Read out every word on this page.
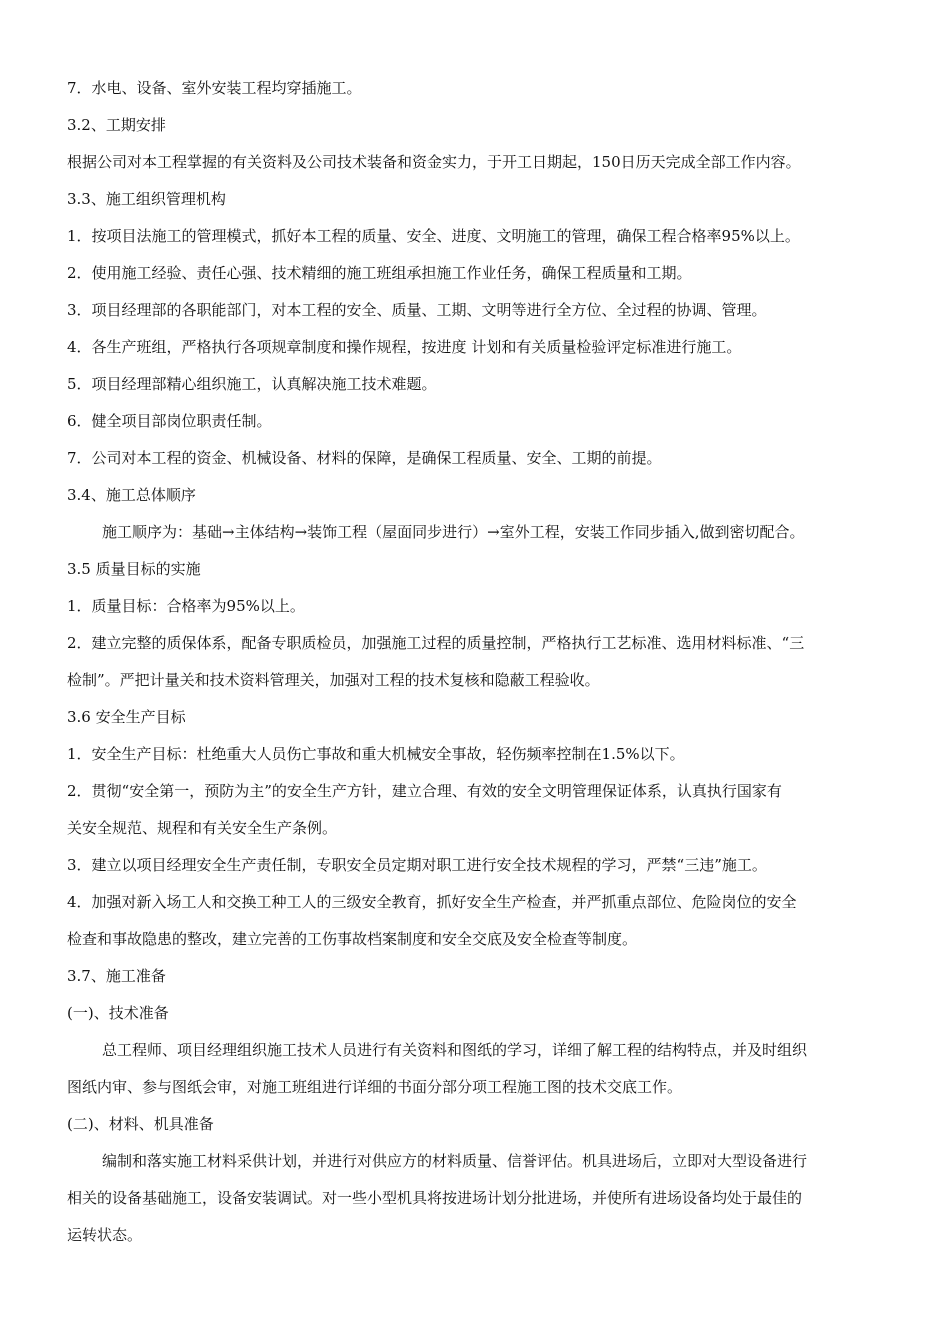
7．水电、设备、室外安装工程均穿插施工。

3.2、工期安排

根据公司对本工程掌握的有关资料及公司技术装备和资金实力，于开工日期起，150日历天完成全部工作内容。

3.3、施工组织管理机构

1．按项目法施工的管理模式，抓好本工程的质量、安全、进度、文明施工的管理，确保工程合格率95%以上。

2．使用施工经验、责任心强、技术精细的施工班组承担施工作业任务，确保工程质量和工期。

3．项目经理部的各职能部门，对本工程的安全、质量、工期、文明等进行全方位、全过程的协调、管理。

4．各生产班组，严格执行各项规章制度和操作规程，按进度 计划和有关质量检验评定标准进行施工。

5．项目经理部精心组织施工，认真解决施工技术难题。

6．健全项目部岗位职责任制。

7．公司对本工程的资金、机械设备、材料的保障，是确保工程质量、安全、工期的前提。

3.4、施工总体顺序

施工顺序为：基础→主体结构→装饰工程（屋面同步进行）→室外工程，安装工作同步插入,做到密切配合。

3.5 质量目标的实施

1．质量目标：合格率为95%以上。

2．建立完整的质保体系，配备专职质检员，加强施工过程的质量控制，严格执行工艺标准、选用材料标准、“三

检制”。严把计量关和技术资料管理关，加强对工程的技术复核和隐蔽工程验收。

3.6 安全生产目标

1．安全生产目标：杜绝重大人员伤亡事故和重大机械安全事故，轻伤频率控制在1.5%以下。

2．贯彻“安全第一，预防为主”的安全生产方针，建立合理、有效的安全文明管理保证体系，认真执行国家有

关安全规范、规程和有关安全生产条例。

3．建立以项目经理安全生产责任制，专职安全员定期对职工进行安全技术规程的学习，严禁“三违”施工。

4．加强对新入场工人和交换工种工人的三级安全教育，抓好安全生产检查，并严抓重点部位、危险岗位的安全

检查和事故隐患的整改，建立完善的工伤事故档案制度和安全交底及安全检查等制度。

3.7、施工准备

(一)、技术准备

总工程师、项目经理组织施工技术人员进行有关资料和图纸的学习，详细了解工程的结构特点，并及时组织

图纸内审、参与图纸会审，对施工班组进行详细的书面分部分项工程施工图的技术交底工作。

(二)、材料、机具准备

编制和落实施工材料采供计划，并进行对供应方的材料质量、信誉评估。机具进场后，立即对大型设备进行

相关的设备基础施工，设备安装调试。对一些小型机具将按进场计划分批进场，并使所有进场设备均处于最佳的

运转状态。
